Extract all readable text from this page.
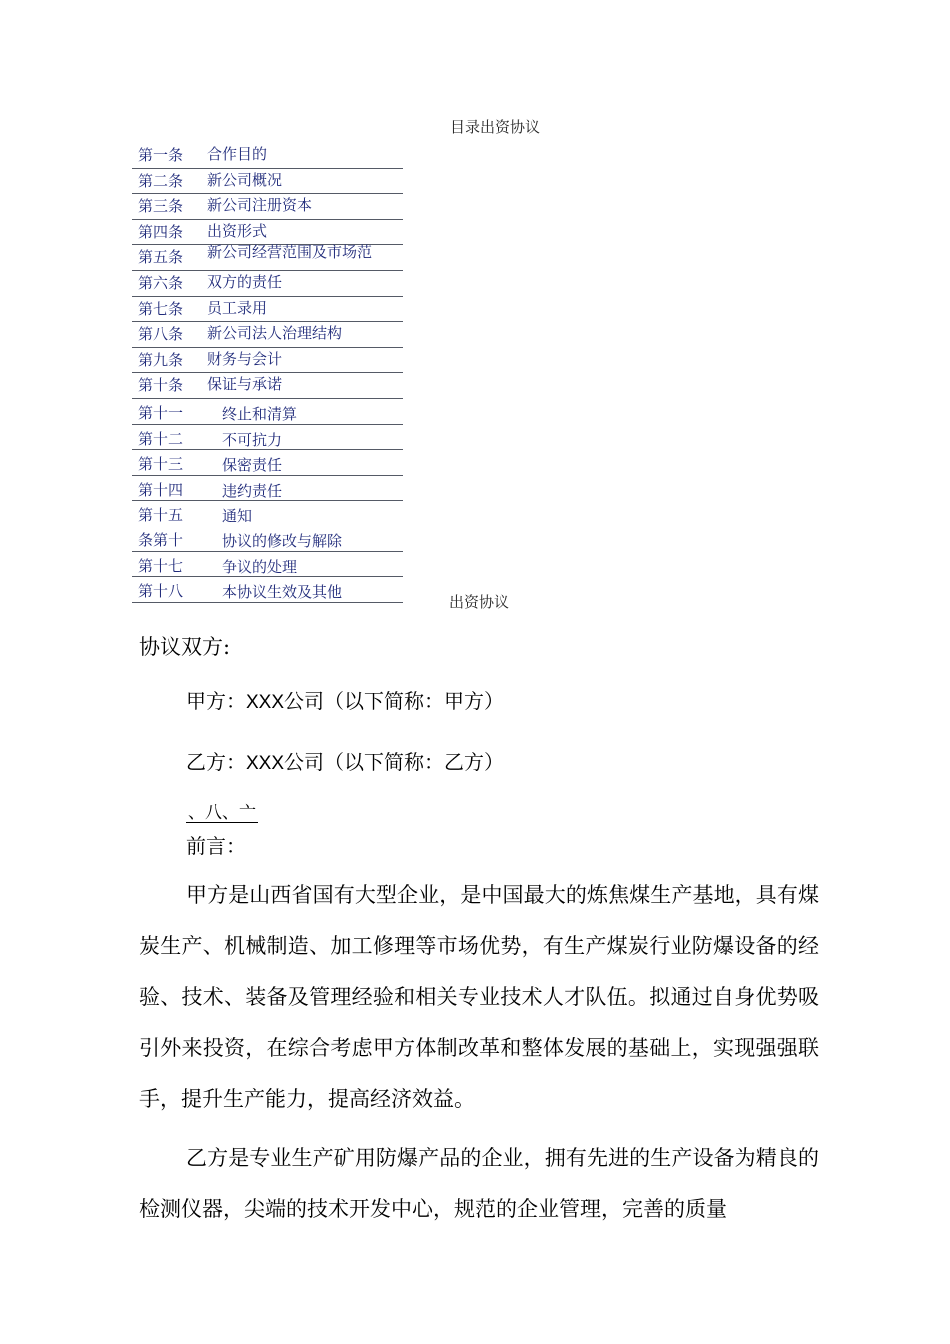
目录出资协议
第一条 合作目的
第二条 新公司概况
第三条 新公司注册资本
第四条 出资形式
第五条 新公司经营范围及市场范
第六条 双方的责任
第七条 员工录用
第八条 新公司法人治理结构
第九条 财务与会计
第十条 保证与承诺
第十一	终止和清算
第十二	不可抗力
第十三	保密责任
第十四	违约责任
第十五	通知
条第十	协议的修改与解除
第十七	争议的处理
第十八	本协议生效及其他
出资协议
协议双方:
甲方：XXX公司（以下简称：甲方）
乙方：XXX公司（以下简称：乙方）
、八、亠
前言：

甲方是山西省国有大型企业，是中国最大的炼焦煤生产基地，具有煤炭生产、机械制造、加工修理等市场优势，有生产煤炭行业防爆设备的经验、技术、装备及管理经验和相关专业技术人才队伍。拟通过自身优势吸引外来投资，在综合考虑甲方体制改革和整体发展的基础上，实现强强联手，提升生产能力，提高经济效益。

乙方是专业生产矿用防爆产品的企业，拥有先进的生产设备为精良的检测仪器，尖端的技术开发中心，规范的企业管理，完善的质量
